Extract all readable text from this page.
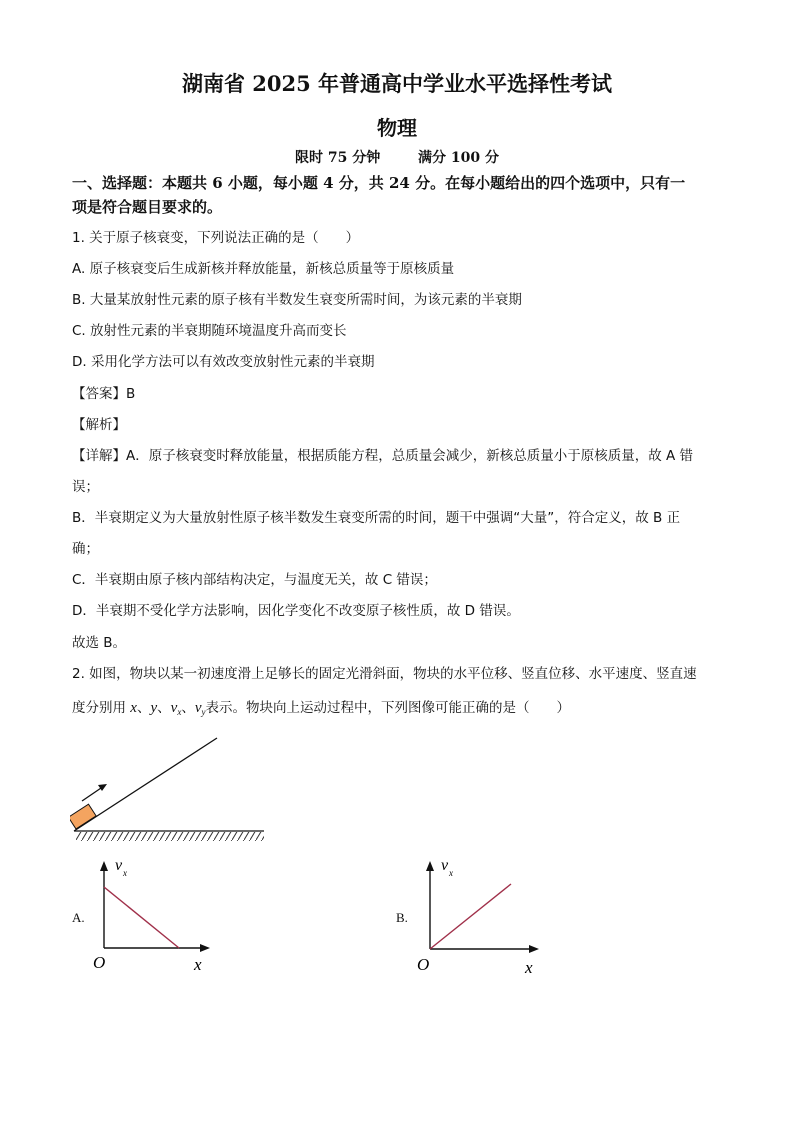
湖南省 2025 年普通高中学业水平选择性考试
物理
限时 75 分钟	满分 100 分
一、选择题：本题共 6 小题，每小题 4 分，共 24 分。在每小题给出的四个选项中，只有一
项是符合题目要求的。
1. 关于原子核衰变，下列说法正确的是（　　）
A. 原子核衰变后生成新核并释放能量，新核总质量等于原核质量
B. 大量某放射性元素的原子核有半数发生衰变所需时间，为该元素的半衰期
C. 放射性元素的半衰期随环境温度升高而变长
D. 采用化学方法可以有效改变放射性元素的半衰期
【答案】B
【解析】
【详解】A．原子核衰变时释放能量，根据质能方程，总质量会减少，新核总质量小于原核质量，故 A 错
误；
B．半衰期定义为大量放射性原子核半数发生衰变所需的时间，题干中强调“大量”，符合定义，故 B 正
确；
C．半衰期由原子核内部结构决定，与温度无关，故 C 错误；
D．半衰期不受化学方法影响，因化学变化不改变原子核性质，故 D 错误。
故选 B。
2. 如图，物块以某一初速度滑上足够长的固定光滑斜面，物块的水平位移、竖直位移、水平速度、竖直速
度分别用 x、y、$v_x$、$v_y$表示。物块向上运动过程中，下列图像可能正确的是（　　）
A.
v x
O	x
B.
v x
O	x
